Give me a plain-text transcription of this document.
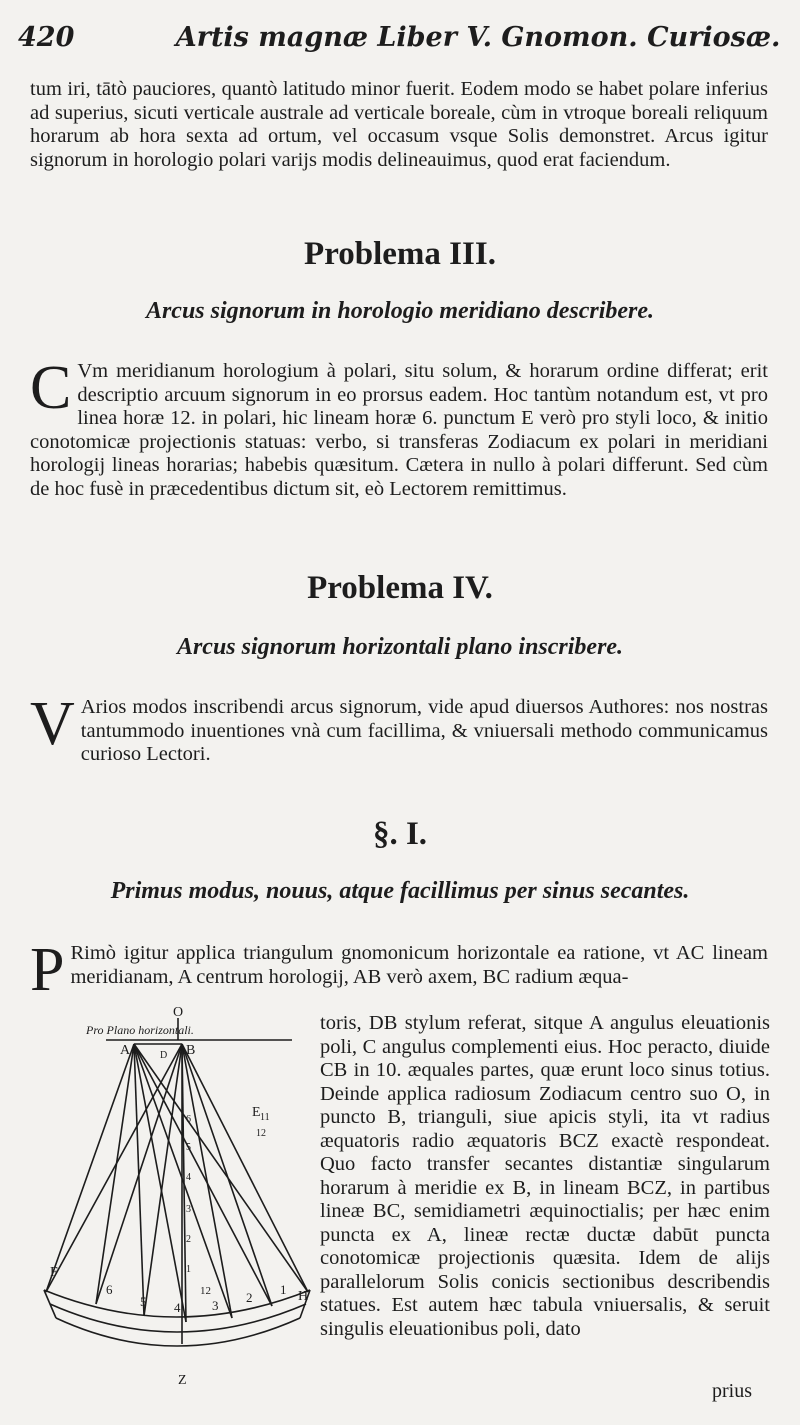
420	Artis magnæ Liber V. Gnomon. Curiosæ.

tum iri, tātò pauciores, quantò latitudo minor fuerit. Eodem modo se habet polare inferius ad superius, sicuti verticale australe ad verticale boreale, cùm in vtroque boreali reliquum horarum ab hora sexta ad ortum, vel occasum vsque Solis demonstret. Arcus igitur signorum in horologio polari varijs modis delineauimus, quod erat faciendum.

Problema III.
Arcus signorum in horologio meridiano describere.

C Vm meridianum horologium à polari, situ solum, & horarum ordine differat; erit descriptio arcuum signorum in eo prorsus eadem. Hoc tantùm notandum est, vt pro linea horæ 12. in polari, hic lineam horæ 6. punctum E verò pro styli loco, & initio conotomicæ projectionis statuas: verbo, si transferas Zodiacum ex polari in meridiani horologij lineas horarias; habebis quæsitum. Cætera in nullo à polari differunt. Sed cùm de hoc fusè in præcedentibus dictum sit, eò Lectorem remittimus.

Problema IV.
Arcus signorum horizontali plano inscribere.

V Arios modos inscribendi arcus signorum, vide apud diuersos Authores: nos nostras tantummodo inuentiones vnà cum facillima, & vniuersali methodo communicamus curioso Lectori.

§. I.
Primus modus, nouus, atque facillimus per sinus secantes.

P Rimò igitur applica triangulum gnomonicum horizontale ea ratione, vt AC lineam meridianam, A centrum horologij, AB verò axem, BC radium æqua-

toris, DB stylum referat, sitque A angulus eleuationis poli, C angulus complementi eius. Hoc peracto, diuide CB in 10. æquales partes, quæ erunt loco sinus totius. Deinde applica radiosum Zodiacum centro suo O, in puncto B, trianguli, siue apicis styli, ita vt radius æquatoris radio æquatoris BCZ exactè respondeat. Quo facto transfer secantes distantiæ singularum horarum à meridie ex B, in lineam BCZ, in partibus lineæ BC, semidiametri æquinoctialis; per hæc enim puncta ex A, lineæ rectæ ductæ dabūt puncta conotomicæ projectionis quæsita. Idem de alijs parallelorum Solis conicis sectionibus describendis statues. Est autem hæc tabula vniuersalis, & seruit singulis eleuationibus poli, dato

prius
Pro Plano horizontali.
O
A	B
D
E
F
H
Z
6
5 4 3
2
1
12
11
6
5
4
3
2
1
12
